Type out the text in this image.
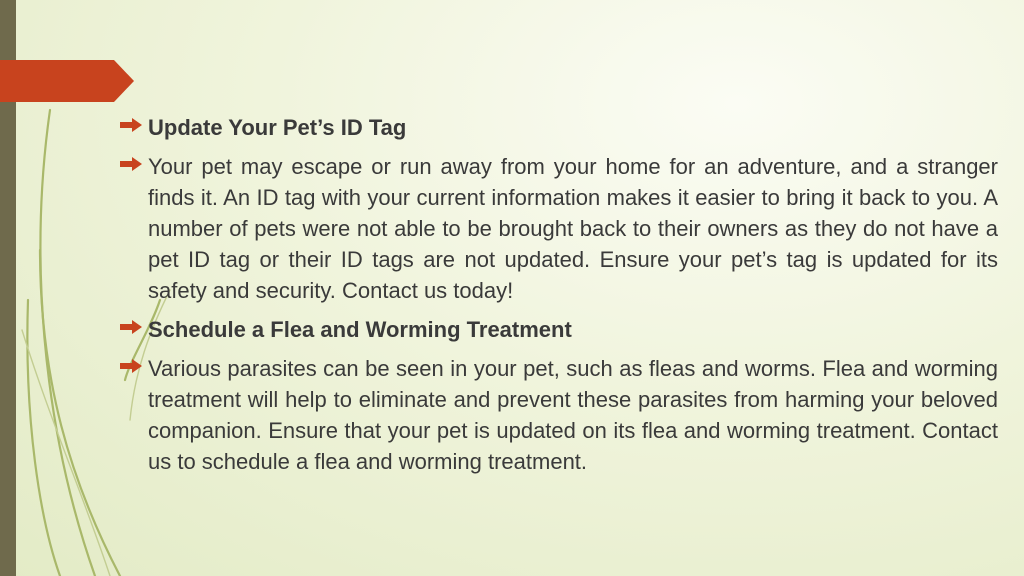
Update Your Pet’s ID Tag
Your pet may escape or run away from your home for an adventure, and a stranger finds it. An ID tag with your current information makes it easier to bring it back to you. A number of pets were not able to be brought back to their owners as they do not have a pet ID tag or their ID tags are not updated. Ensure your pet’s tag is updated for its safety and security. Contact us today!
Schedule a Flea and Worming Treatment
Various parasites can be seen in your pet, such as fleas and worms. Flea and worming treatment will help to eliminate and prevent these parasites from harming your beloved companion. Ensure that your pet is updated on its flea and worming treatment. Contact us to schedule a flea and worming treatment.
